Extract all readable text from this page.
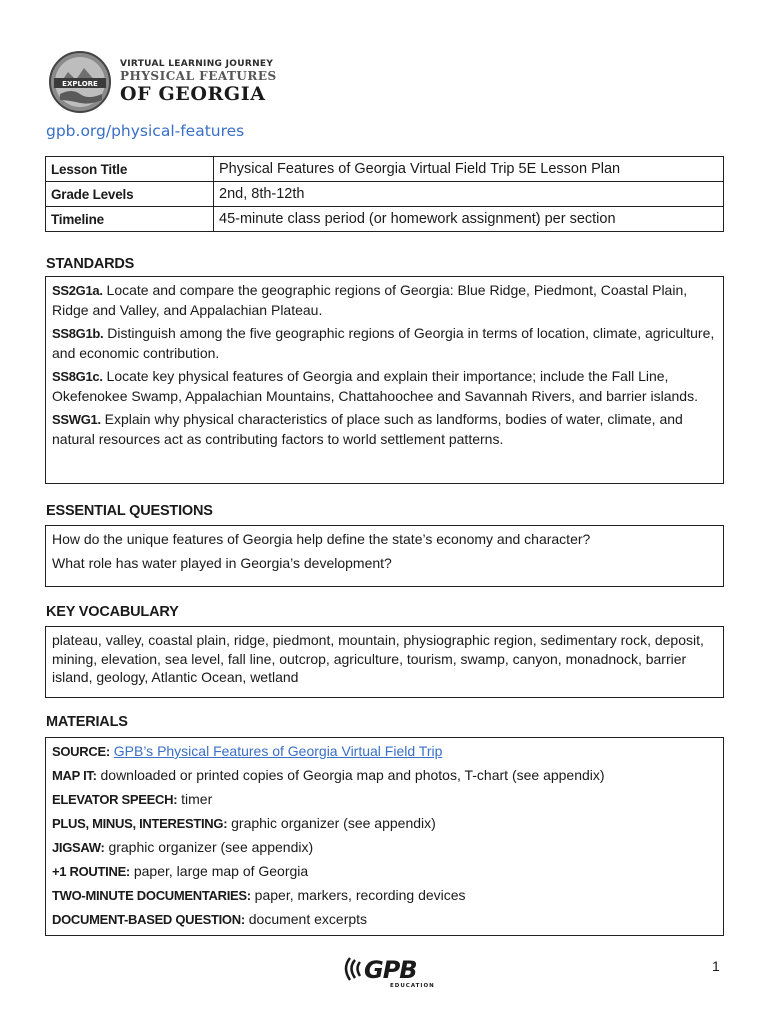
EXPLORE
VIRTUAL LEARNING JOURNEY
PHYSICAL FEATURES
OF GEORGIA
gpb.org/physical-features
Lesson Title	Physical Features of Georgia Virtual Field Trip 5E Lesson Plan
Grade Levels	2nd, 8th-12th
Timeline	45-minute class period (or homework assignment) per section
STANDARDS

SS2G1a. Locate and compare the geographic regions of Georgia: Blue Ridge, Piedmont, Coastal Plain, Ridge and Valley, and Appalachian Plateau.

SS8G1b. Distinguish among the five geographic regions of Georgia in terms of location, climate, agriculture, and economic contribution.

SS8G1c. Locate key physical features of Georgia and explain their importance; include the Fall Line, Okefenokee Swamp, Appalachian Mountains, Chattahoochee and Savannah Rivers, and barrier islands.

SSWG1. Explain why physical characteristics of place such as landforms, bodies of water, climate, and natural resources act as contributing factors to world settlement patterns.

ESSENTIAL QUESTIONS

How do the unique features of Georgia help define the state’s economy and character?

What role has water played in Georgia’s development?

KEY VOCABULARY

plateau, valley, coastal plain, ridge, piedmont, mountain, physiographic region, sedimentary rock, deposit, mining, elevation, sea level, fall line, outcrop, agriculture, tourism, swamp, canyon, monadnock, barrier island, geology, Atlantic Ocean, wetland

MATERIALS

SOURCE: GPB’s Physical Features of Georgia Virtual Field Trip

MAP IT: downloaded or printed copies of Georgia map and photos, T-chart (see appendix)

ELEVATOR SPEECH: timer

PLUS, MINUS, INTERESTING: graphic organizer (see appendix)

JIGSAW: graphic organizer (see appendix)

+1 ROUTINE: paper, large map of Georgia

TWO-MINUTE DOCUMENTARIES: paper, markers, recording devices

DOCUMENT-BASED QUESTION: document excerpts

GPB
EDUCATION
1
